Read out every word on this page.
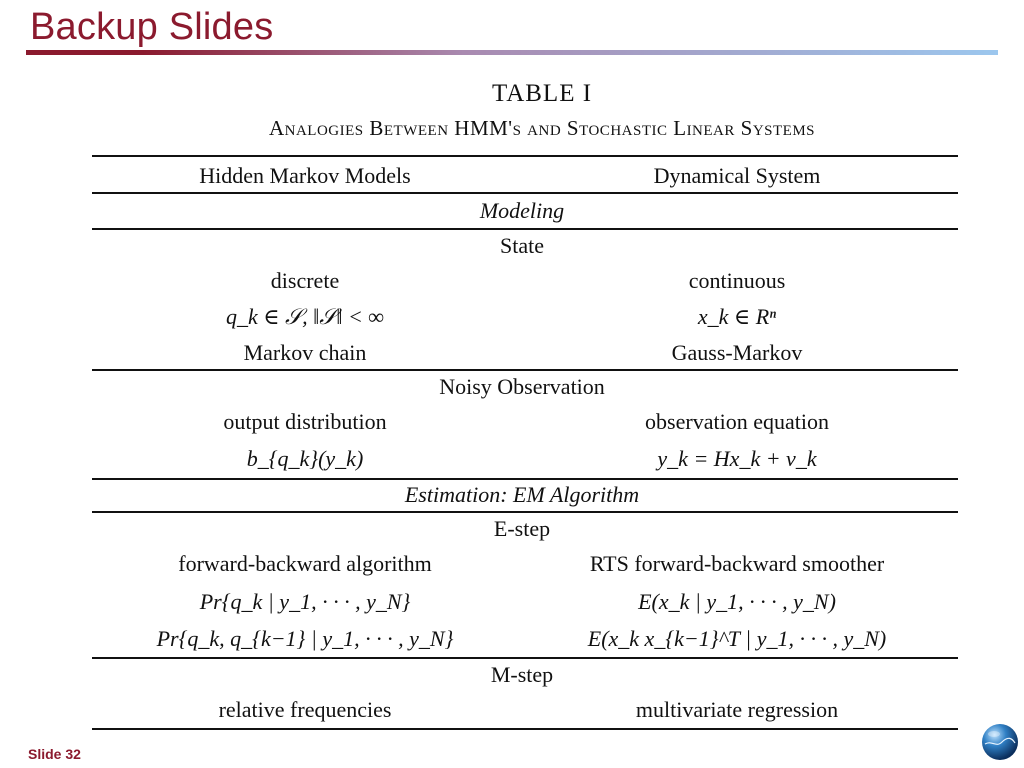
Backup Slides
TABLE I
Analogies Between HMM's and Stochastic Linear Systems
Hidden Markov Models	Dynamical System
Modeling
State
discrete	continuous
q_k ∈ 𝒮, ‖𝒮‖ < ∞	x_k ∈ Rⁿ
Markov chain	Gauss-Markov
Noisy Observation
output distribution	observation equation
b_{q_k}(y_k)	y_k = Hx_k + v_k
Estimation: EM Algorithm
E-step
forward-backward algorithm	RTS forward-backward smoother
Pr{q_k | y_1, · · · , y_N}	E(x_k | y_1, · · · , y_N)
Pr{q_k, q_{k−1} | y_1, · · · , y_N}	E(x_k x_{k−1}^T | y_1, · · · , y_N)
M-step
relative frequencies	multivariate regression
Slide 32
